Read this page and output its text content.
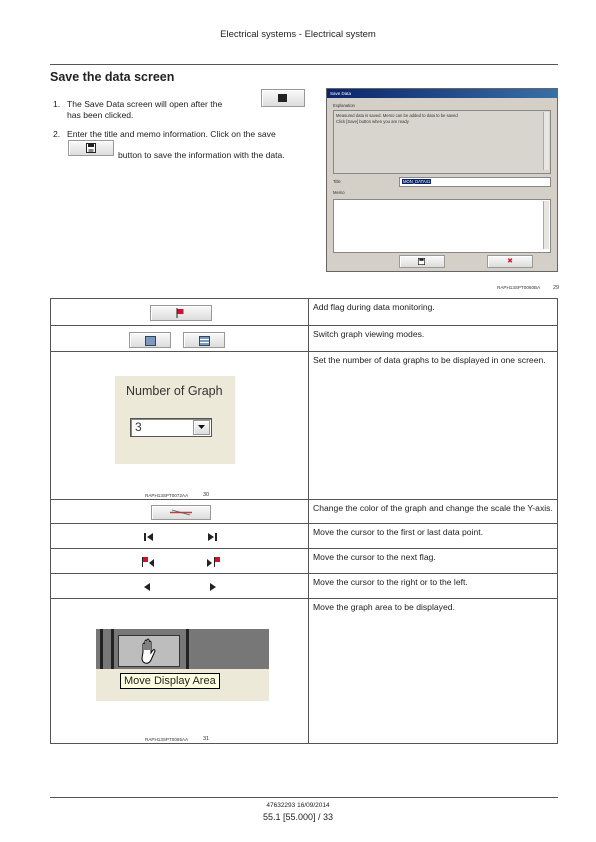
Electrical systems - Electrical system
Save the data screen
1. The Save Data screen will open after the
has been clicked.
2. Enter the title and memo information. Click on the save
button to save the information with the data.
Save Data
Explanation
Measured data is saved. Memo can be added to data to be saved
Click [Save] button when you are ready
Title	MON_DATA41
Memo
✖
RAPH13SPT0060BA 29
	Add flag during data monitoring.

	Switch graph viewing modes.

Number of Graph
3
RAPH13SPT0072AA 30	Set the number of data graphs to be displayed in one screen.

	Change the color of the graph and change the scale the Y-axis.

	Move the cursor to the first or last data point.

	Move the cursor to the next flag.

	Move the cursor to the right or to the left.

Move Display Area
RAPH13SPT0065AA 31	Move the graph area to be displayed.
47632293 16/09/2014
55.1 [55.000] / 33
